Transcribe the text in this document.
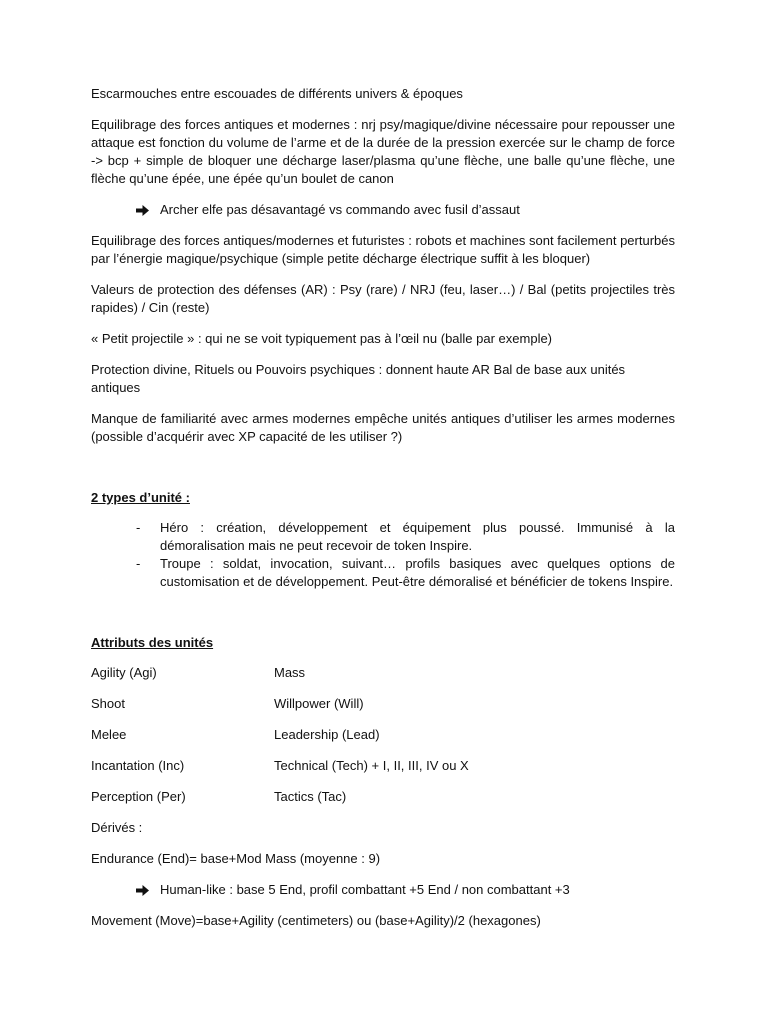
Escarmouches entre escouades de différents univers & époques

Equilibrage des forces antiques et modernes : nrj psy/magique/divine nécessaire pour repousser une attaque est fonction du volume de l’arme et de la durée de la pression exercée sur le champ de force -> bcp + simple de bloquer une décharge laser/plasma qu’une flèche, une balle qu’une flèche, une flèche qu’une épée, une épée qu’un boulet de canon

Archer elfe pas désavantagé vs commando avec fusil d’assaut

Equilibrage des forces antiques/modernes et futuristes : robots et machines sont facilement perturbés par l’énergie magique/psychique (simple petite décharge électrique suffit à les bloquer)

Valeurs de protection des défenses (AR) : Psy (rare) / NRJ (feu, laser…) / Bal (petits projectiles très rapides) / Cin (reste)

« Petit projectile » : qui ne se voit typiquement pas à l’œil nu (balle par exemple)

Protection divine, Rituels ou Pouvoirs psychiques : donnent haute AR Bal de base aux unités antiques

Manque de familiarité avec armes modernes empêche unités antiques d’utiliser les armes modernes (possible d’acquérir avec XP capacité de les utiliser ?)

2 types d’unité :

-	Héro : création, développement et équipement plus poussé. Immunisé à la démoralisation mais ne peut recevoir de token Inspire.
-	Troupe : soldat, invocation, suivant… profils basiques avec quelques options de customisation et de développement. Peut-être démoralisé et bénéficier de tokens Inspire.

Attributs des unités

Agility (Agi)	Mass
Shoot	Willpower (Will)
Melee	Leadership (Lead)
Incantation (Inc)	Technical (Tech) + I, II, III, IV ou X
Perception (Per)	Tactics (Tac)

Dérivés :

Endurance (End)= base+Mod Mass (moyenne : 9)

Human-like : base 5 End, profil combattant +5 End / non combattant +3

Movement (Move)=base+Agility (centimeters) ou (base+Agility)/2 (hexagones)
